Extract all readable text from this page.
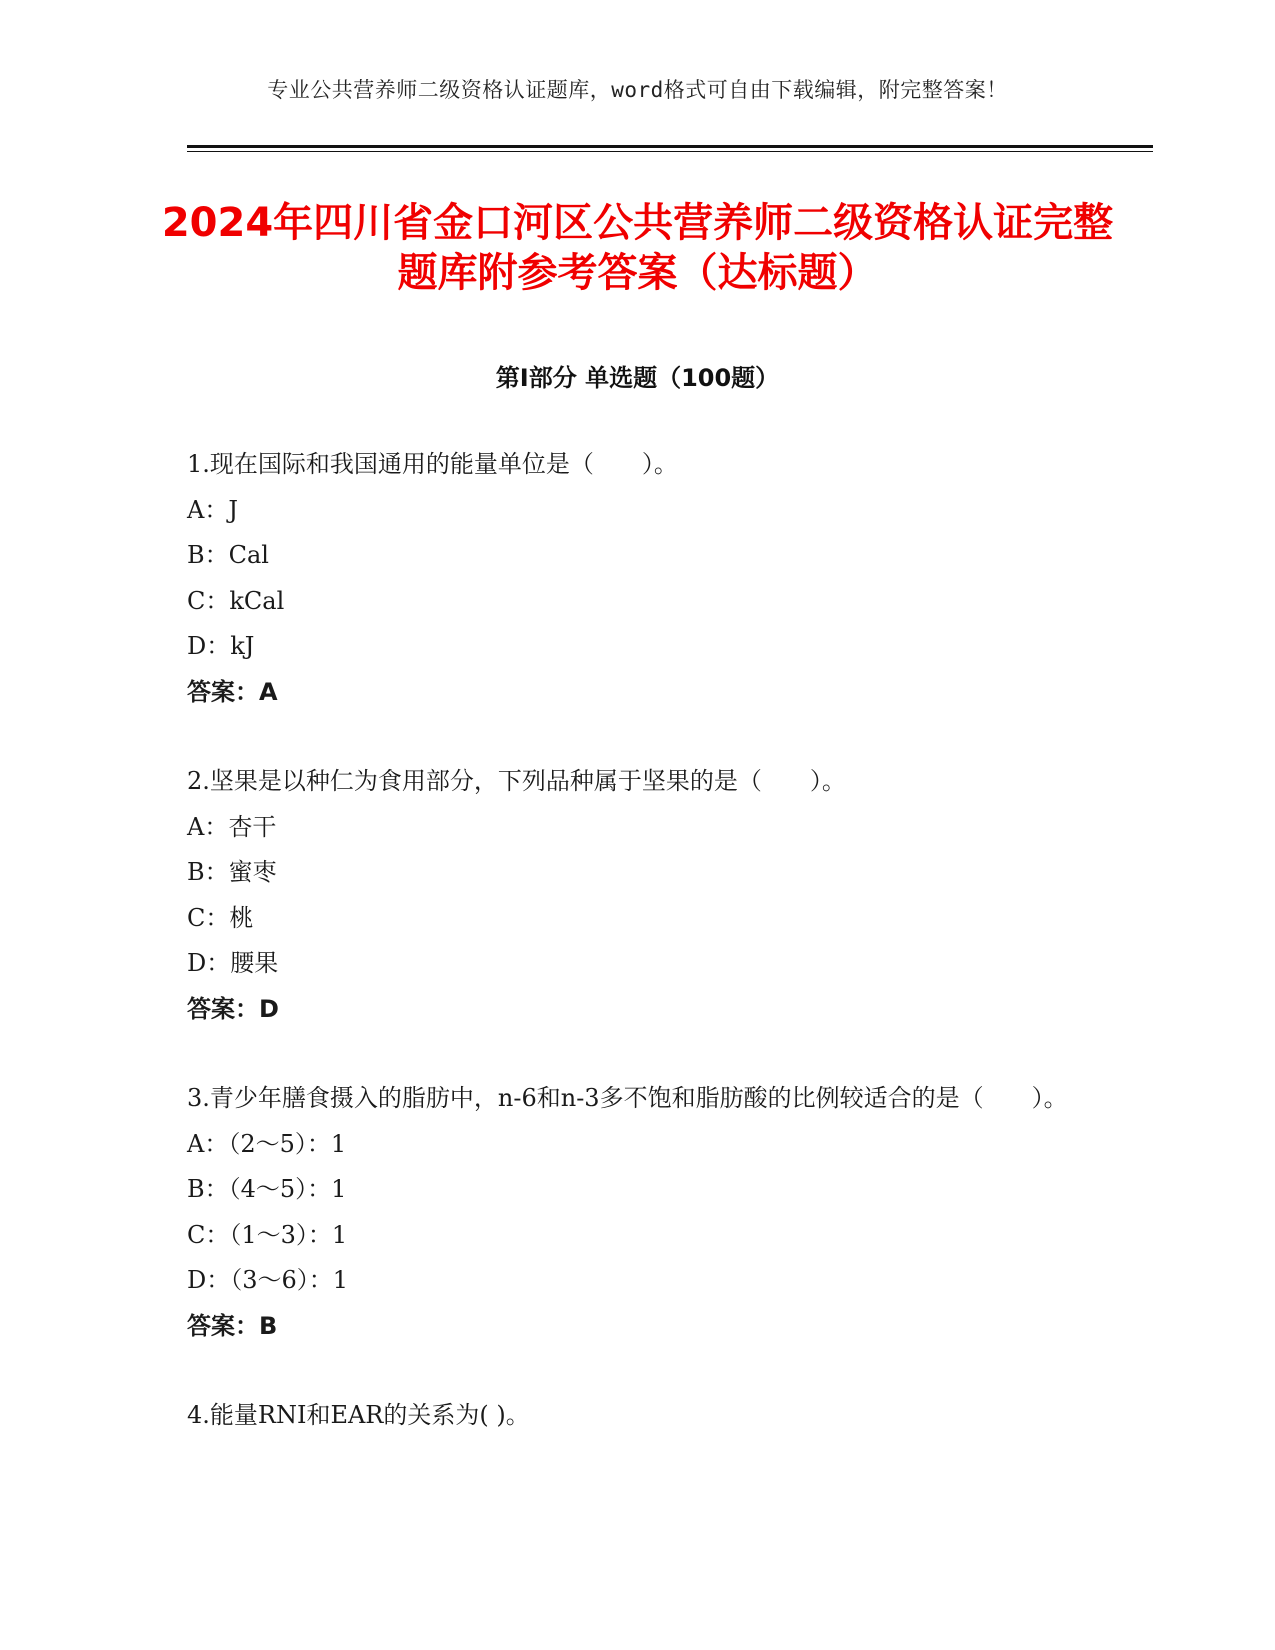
专业公共营养师二级资格认证题库，word格式可自由下载编辑，附完整答案！
2024年四川省金口河区公共营养师二级资格认证完整题库附参考答案（达标题）
第Ⅰ部分 单选题（100题）
1.现在国际和我国通用的能量单位是（　　）。
A：J
B：Cal
C：kCal
D：kJ
答案：A
2.坚果是以种仁为食用部分，下列品种属于坚果的是（　　）。
A：杏干
B：蜜枣
C：桃
D：腰果
答案：D
3.青少年膳食摄入的脂肪中，n-6和n-3多不饱和脂肪酸的比例较适合的是（　　）。
A：（2～5）：1
B：（4～5）：1
C：（1～3）：1
D：（3～6）：1
答案：B
4.能量RNI和EAR的关系为( )。
